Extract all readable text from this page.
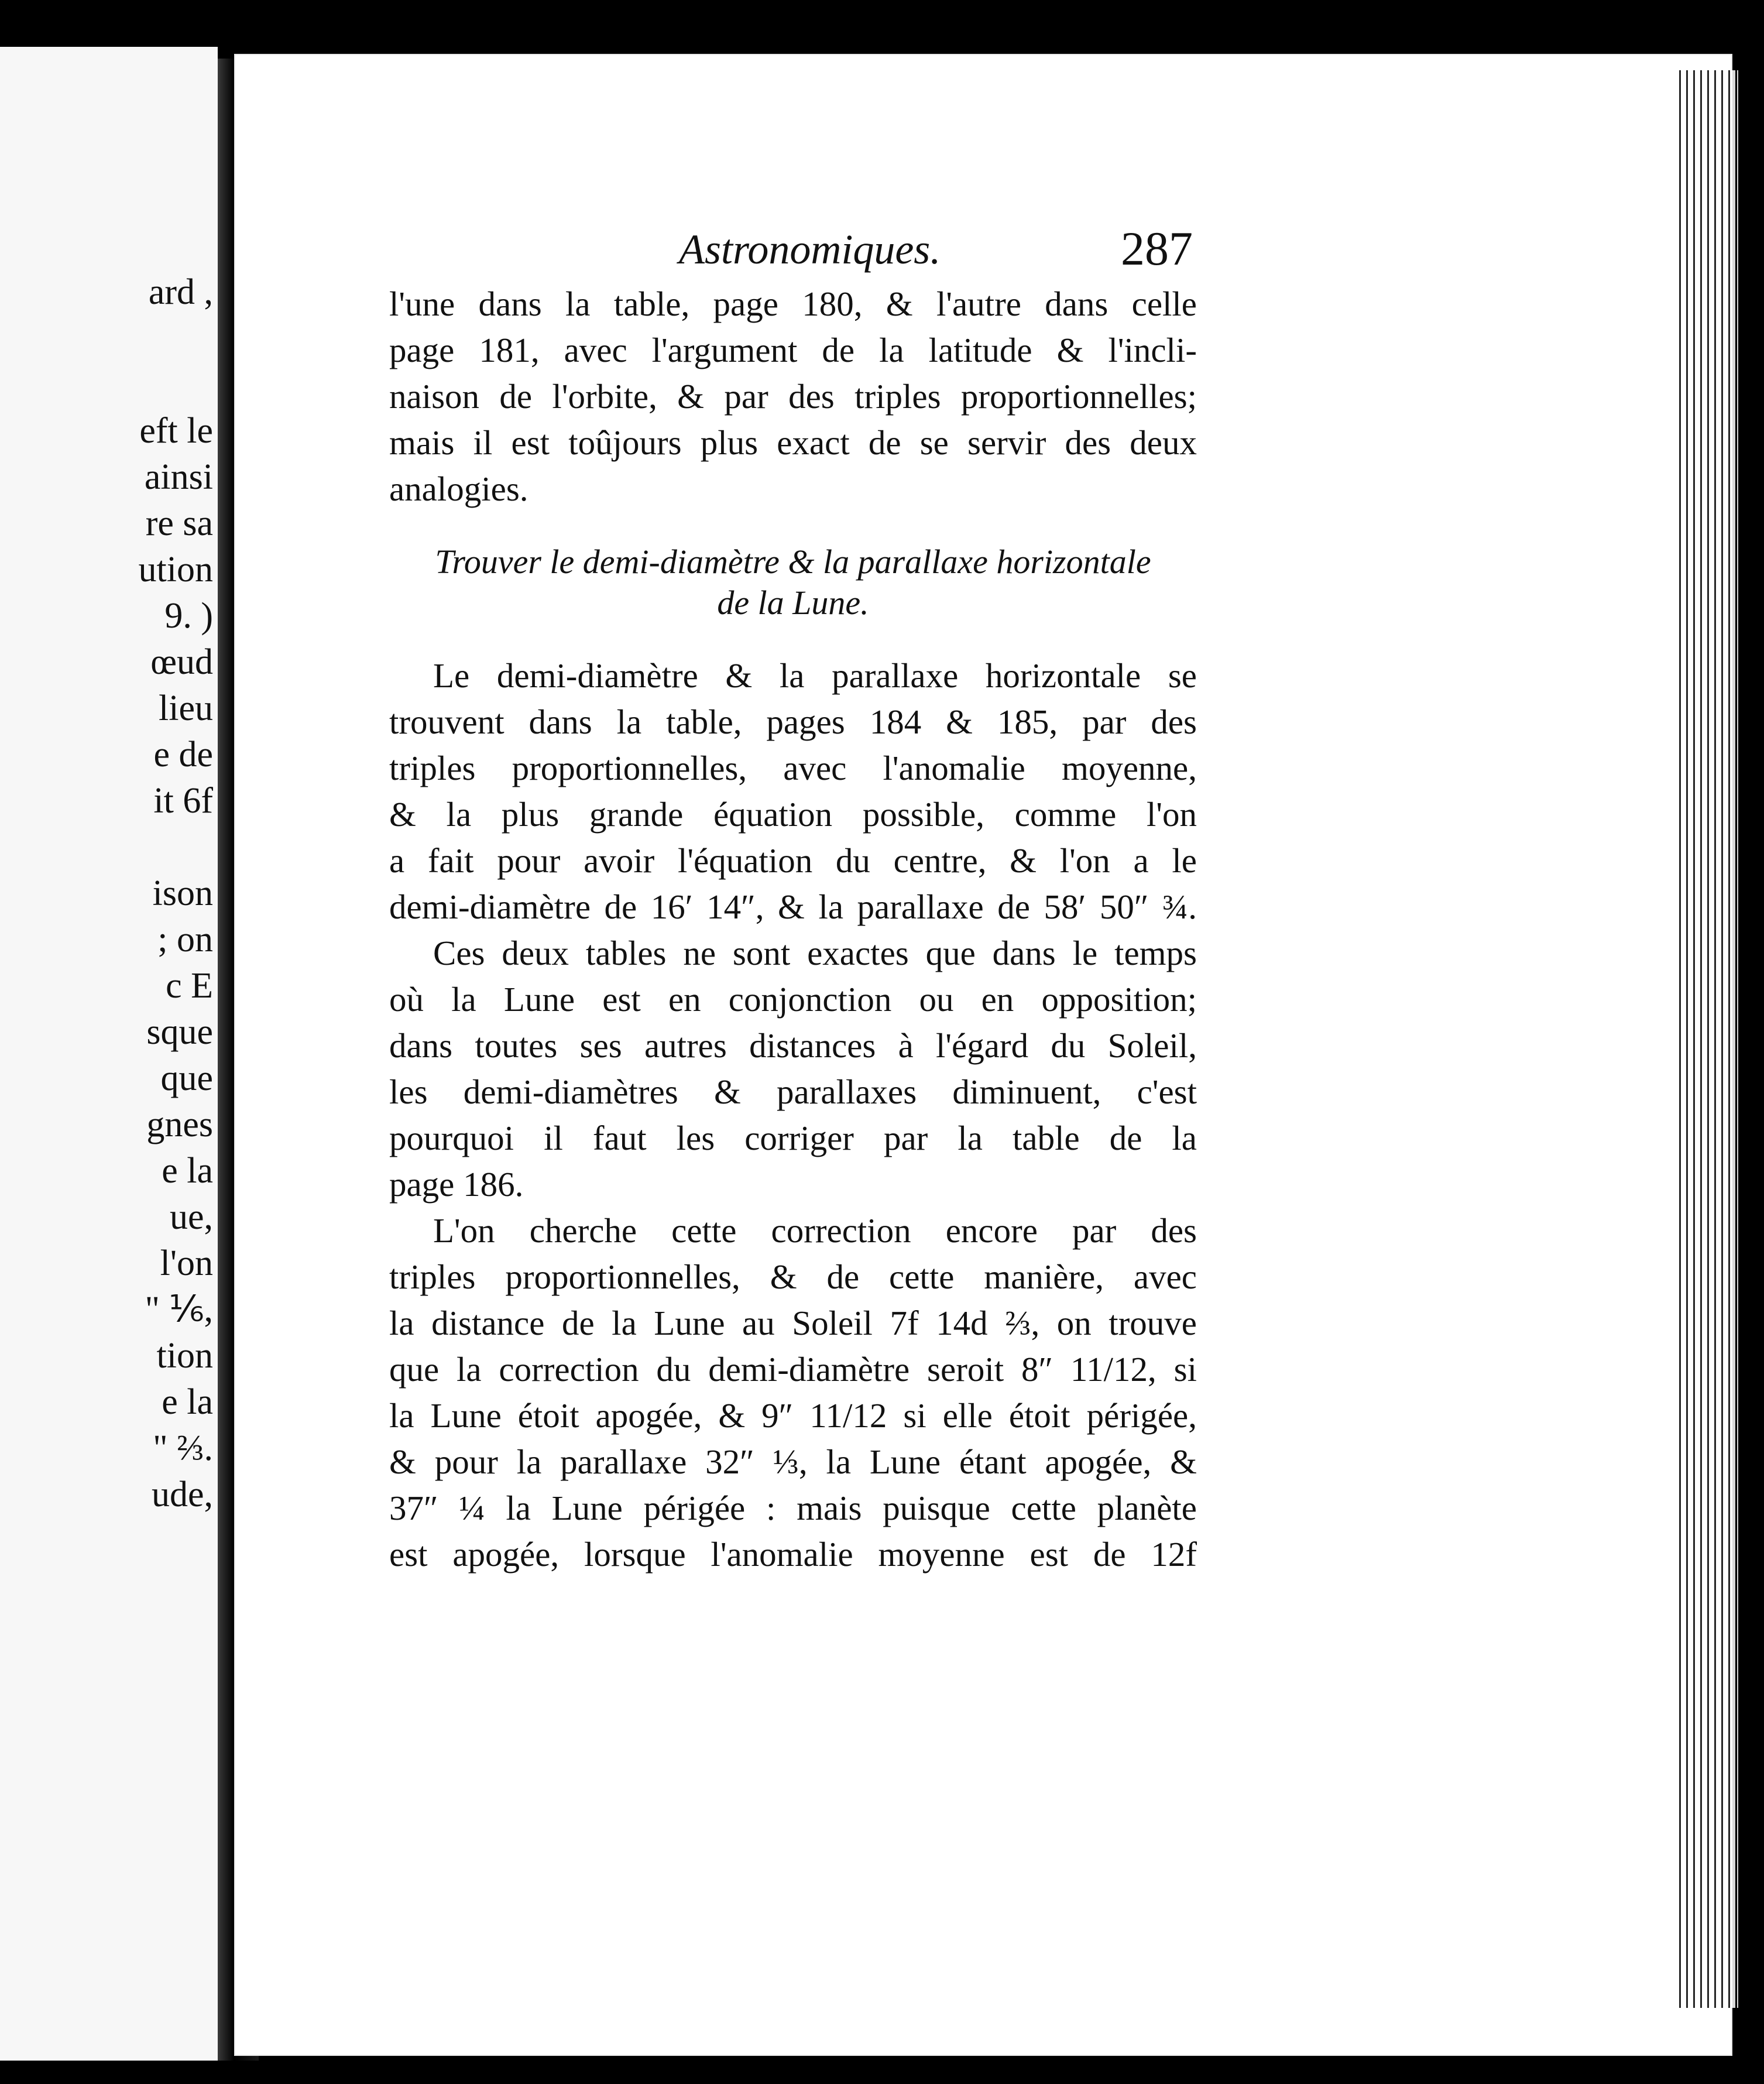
ard ,

eft le
ainsi
re sa
ution
9. )
œud
lieu
e de
it 6f

ison
; on
c E
sque
que
gnes
e la
ue,
l'on
" ⅙,
tion
e la
" ⅔.
ude,
Astronomiques.	287
l'une dans la table, page 180, & l'autre dans celle
page 181, avec l'argument de la latitude & l'incli-
naison de l'orbite, & par des triples proportionnelles;
mais il est toûjours plus exact de se servir des deux
analogies.
Trouver le demi-diamètre & la parallaxe horizontale
de la Lune.
Le demi-diamètre & la parallaxe horizontale se
trouvent dans la table, pages 184 & 185, par des
triples proportionnelles, avec l'anomalie moyenne,
& la plus grande équation possible, comme l'on
a fait pour avoir l'équation du centre, & l'on a le
demi-diamètre de 16′ 14″, & la parallaxe de 58′ 50″ ¾.
Ces deux tables ne sont exactes que dans le temps
où la Lune est en conjonction ou en opposition;
dans toutes ses autres distances à l'égard du Soleil,
les demi-diamètres & parallaxes diminuent, c'est
pourquoi il faut les corriger par la table de la
page 186.
L'on cherche cette correction encore par des
triples proportionnelles, & de cette manière, avec
la distance de la Lune au Soleil 7f 14d ⅔, on trouve
que la correction du demi-diamètre seroit 8″ 11/12, si
la Lune étoit apogée, & 9″ 11/12 si elle étoit périgée,
& pour la parallaxe 32″ ⅓, la Lune étant apogée, &
37″ ¼ la Lune périgée : mais puisque cette planète
est apogée, lorsque l'anomalie moyenne est de 12f
